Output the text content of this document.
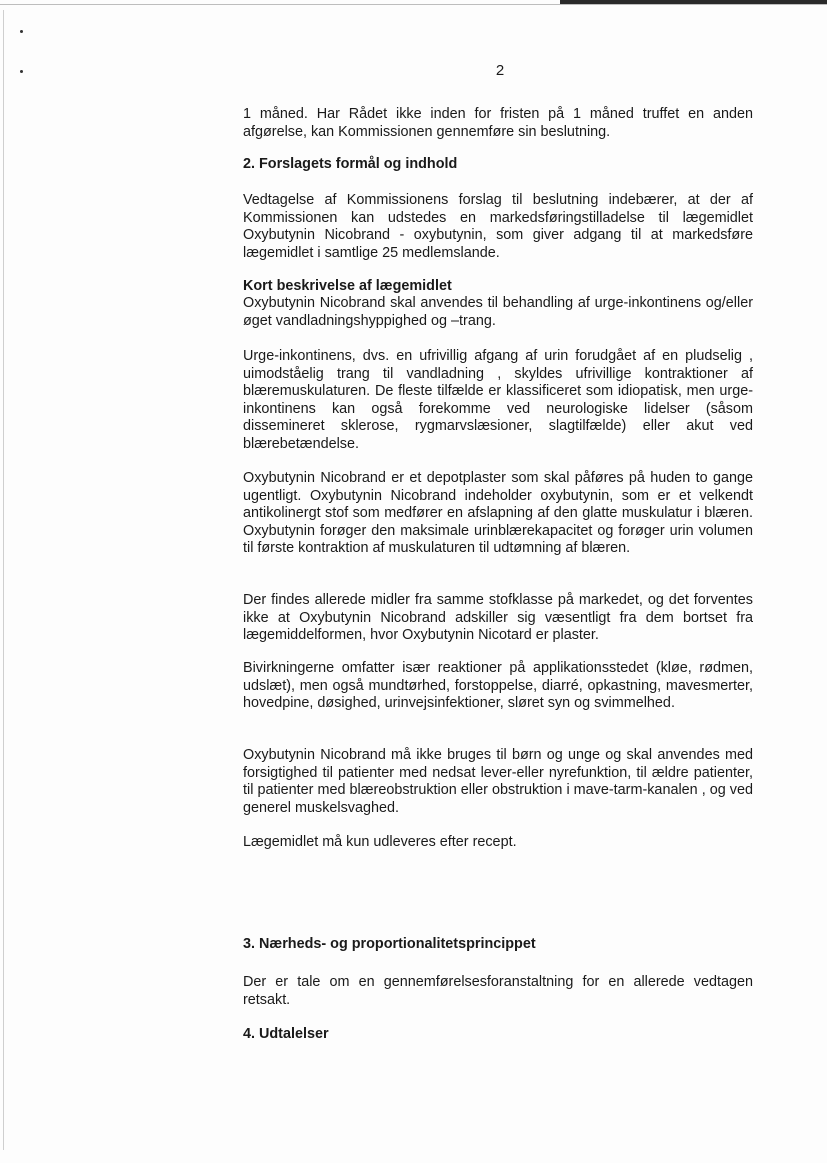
2

1 måned. Har Rådet ikke inden for fristen på 1 måned truffet en anden afgørelse, kan Kommissionen gennemføre sin beslutning.

2. Forslagets formål og indhold

Vedtagelse af Kommissionens forslag til beslutning indebærer, at der af Kommissionen kan udstedes en markedsføringstilladelse til lægemidlet Oxybutynin Nicobrand - oxybutynin, som giver adgang til at markedsføre lægemidlet i samtlige 25 medlemslande.

Kort beskrivelse af lægemidlet

Oxybutynin Nicobrand skal anvendes til behandling af urge-inkontinens og/eller øget vandladningshyppighed og –trang.

Urge-inkontinens, dvs. en ufrivillig afgang af urin forudgået af en pludselig , uimodståelig trang til vandladning , skyldes ufrivillige kontraktioner af blæremuskulaturen. De fleste tilfælde er klassificeret som idiopatisk, men urge-inkontinens kan også forekomme ved neurologiske lidelser (såsom dissemineret sklerose, rygmarvslæsioner, slagtilfælde) eller akut ved blærebetændelse.

Oxybutynin Nicobrand er et depotplaster som skal påføres på huden to gange ugentligt. Oxybutynin Nicobrand indeholder oxybutynin, som er et velkendt antikolinergt stof som medfører en afslapning af den glatte muskulatur i blæren. Oxybutynin forøger den maksimale urinblærekapacitet og forøger urin volumen til første kontraktion af muskulaturen til udtømning af blæren.

Der findes allerede midler fra samme stofklasse på markedet, og det forventes ikke at Oxybutynin Nicobrand adskiller sig væsentligt fra dem bortset fra lægemiddelformen, hvor Oxybutynin Nicotard er plaster.

Bivirkningerne omfatter især reaktioner på applikationsstedet (kløe, rødmen, udslæt), men også mundtørhed, forstoppelse, diarré, opkastning, mavesmerter, hovedpine, døsighed, urinvejsinfektioner, sløret syn og svimmelhed.

Oxybutynin Nicobrand må ikke bruges til børn og unge og skal anvendes med forsigtighed til patienter med nedsat lever-eller nyrefunktion, til ældre patienter, til patienter med blæreobstruktion eller obstruktion i mave-tarm-kanalen , og ved generel muskelsvaghed.

Lægemidlet må kun udleveres efter recept.

3. Nærheds- og proportionalitetsprincippet

Der er tale om en gennemførelsesforanstaltning for en allerede vedtagen retsakt.

4. Udtalelser
